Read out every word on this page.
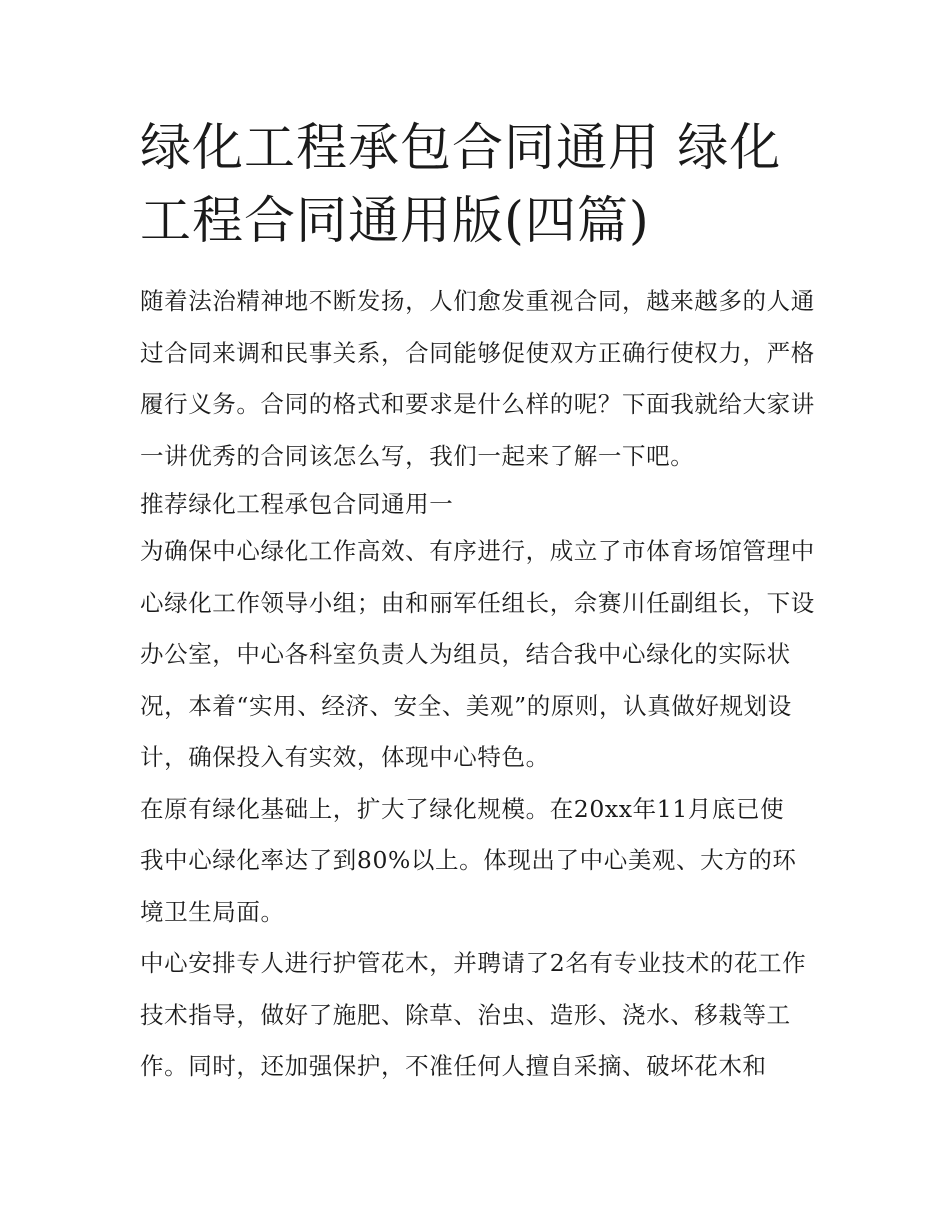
绿化工程承包合同通用 绿化工程合同通用版(四篇)

随着法治精神地不断发扬，人们愈发重视合同，越来越多的人通过合同来调和民事关系，合同能够促使双方正确行使权力，严格履行义务。合同的格式和要求是什么样的呢？下面我就给大家讲一讲优秀的合同该怎么写，我们一起来了解一下吧。

推荐绿化工程承包合同通用一

为确保中心绿化工作高效、有序进行，成立了市体育场馆管理中心绿化工作领导小组；由和丽军任组长，佘赛川任副组长，下设办公室，中心各科室负责人为组员，结合我中心绿化的实际状况，本着“实用、经济、安全、美观”的原则，认真做好规划设计，确保投入有实效，体现中心特色。

在原有绿化基础上，扩大了绿化规模。在20xx年11月底已使我中心绿化率达了到80%以上。体现出了中心美观、大方的环境卫生局面。

中心安排专人进行护管花木，并聘请了2名有专业技术的花工作技术指导，做好了施肥、除草、治虫、造形、浇水、移栽等工作。同时，还加强保护，不准任何人擅自采摘、破坏花木和
